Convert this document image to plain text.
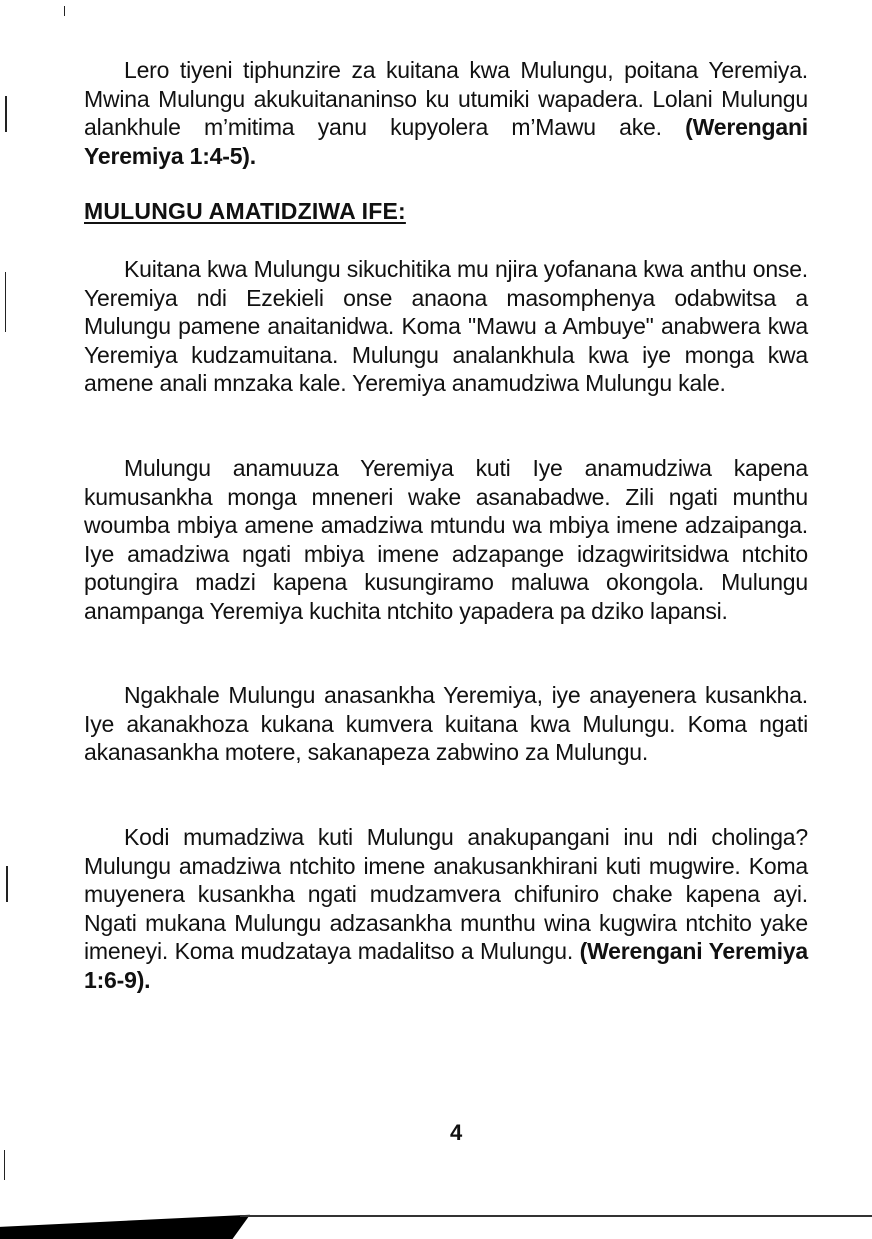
Lero tiyeni tiphunzire za kuitana kwa Mulungu, poitana Yeremiya. Mwina Mulungu akukuitananinso ku utumiki wapadera. Lolani Mulungu alankhule m’mitima yanu kupyolera m’Mawu ake. (Werengani Yeremiya 1:4-5).
MULUNGU AMATIDZIWA IFE:
Kuitana kwa Mulungu sikuchitika mu njira yofanana kwa anthu onse. Yeremiya ndi Ezekieli onse anaona masomphenya odabwitsa a Mulungu pamene anaitanidwa. Koma "Mawu a Ambuye" anabwera kwa Yeremiya kudzamuitana. Mulungu analankhula kwa iye monga kwa amene anali mnzaka kale. Yeremiya anamudziwa Mulungu kale.
Mulungu anamuuza Yeremiya kuti Iye anamudziwa kapena kumusankha monga mneneri wake asanabadwe. Zili ngati munthu woumba mbiya amene amadziwa mtundu wa mbiya imene adzaipanga. Iye amadziwa ngati mbiya imene adzapange idzagwiritsidwa ntchito potungira madzi kapena kusungiramo maluwa okongola. Mulungu anampanga Yeremiya kuchita ntchito yapadera pa dziko lapansi.
Ngakhale Mulungu anasankha Yeremiya, iye anayenera kusankha. Iye akanakhoza kukana kumvera kuitana kwa Mulungu. Koma ngati akanasankha motere, sakanapeza zabwino za Mulungu.
Kodi mumadziwa kuti Mulungu anakupangani inu ndi cholinga? Mulungu amadziwa ntchito imene anakusankhirani kuti mugwire. Koma muyenera kusankha ngati mudzamvera chifuniro chake kapena ayi. Ngati mukana Mulungu adzasankha munthu wina kugwira ntchito yake imeneyi. Koma mudzataya madalitso a Mulungu. (Werengani Yeremiya 1:6-9).
4
